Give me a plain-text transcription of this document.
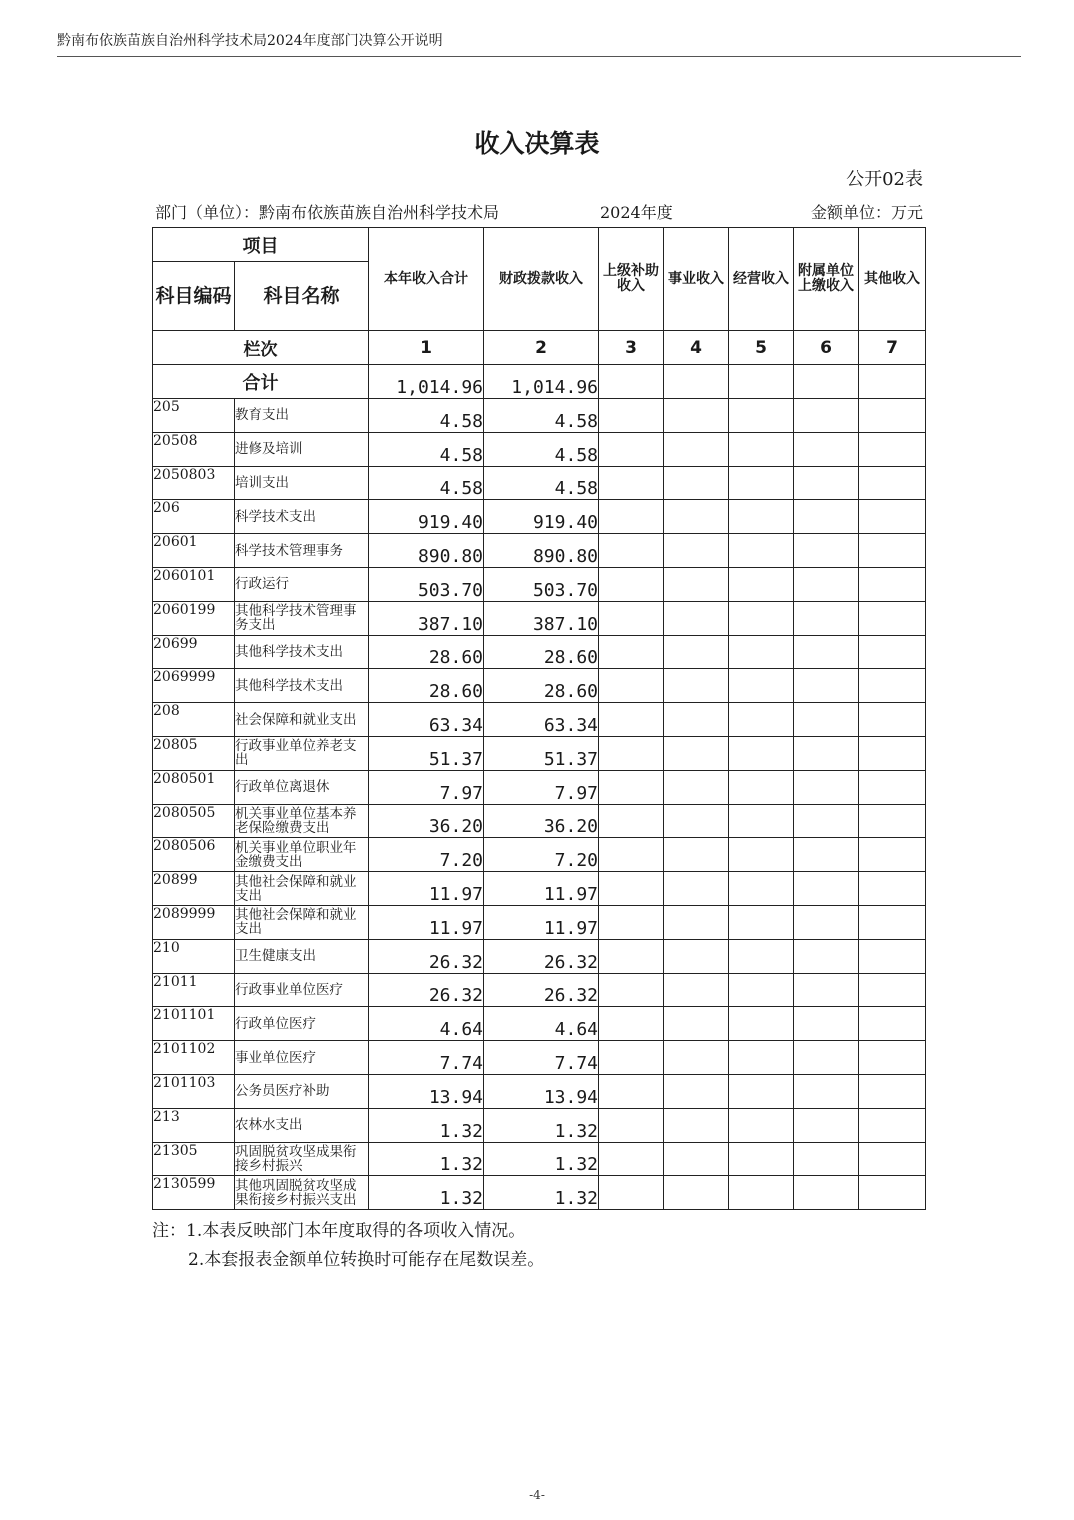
黔南布依族苗族自治州科学技术局2024年度部门决算公开说明
收入决算表
公开02表
部门（单位）：黔南布依族苗族自治州科学技术局	2024年度	金额单位：万元
项目		本年收入合计	财政拨款收入	上级补助收入	事业收入	经营收入	附属单位上缴收入	其他收入
科目编码	科目名称							
栏次		1	2	3	4	5	6	7
合计		1,014.96	1,014.96					
205	教育支出	4.58	4.58					
20508	进修及培训	4.58	4.58					
2050803	培训支出	4.58	4.58					
206	科学技术支出	919.40	919.40					
20601	科学技术管理事务	890.80	890.80					
2060101	行政运行	503.70	503.70					
2060199	其他科学技术管理事务支出	387.10	387.10					
20699	其他科学技术支出	28.60	28.60					
2069999	其他科学技术支出	28.60	28.60					
208	社会保障和就业支出	63.34	63.34					
20805	行政事业单位养老支出	51.37	51.37					
2080501	行政单位离退休	7.97	7.97					
2080505	机关事业单位基本养老保险缴费支出	36.20	36.20					
2080506	机关事业单位职业年金缴费支出	7.20	7.20					
20899	其他社会保障和就业支出	11.97	11.97					
2089999	其他社会保障和就业支出	11.97	11.97					
210	卫生健康支出	26.32	26.32					
21011	行政事业单位医疗	26.32	26.32					
2101101	行政单位医疗	4.64	4.64					
2101102	事业单位医疗	7.74	7.74					
2101103	公务员医疗补助	13.94	13.94					
213	农林水支出	1.32	1.32					
21305	巩固脱贫攻坚成果衔接乡村振兴	1.32	1.32					
2130599	其他巩固脱贫攻坚成果衔接乡村振兴支出	1.32	1.32					
注：1.本表反映部门本年度取得的各项收入情况。
2.本套报表金额单位转换时可能存在尾数误差。
-4-
